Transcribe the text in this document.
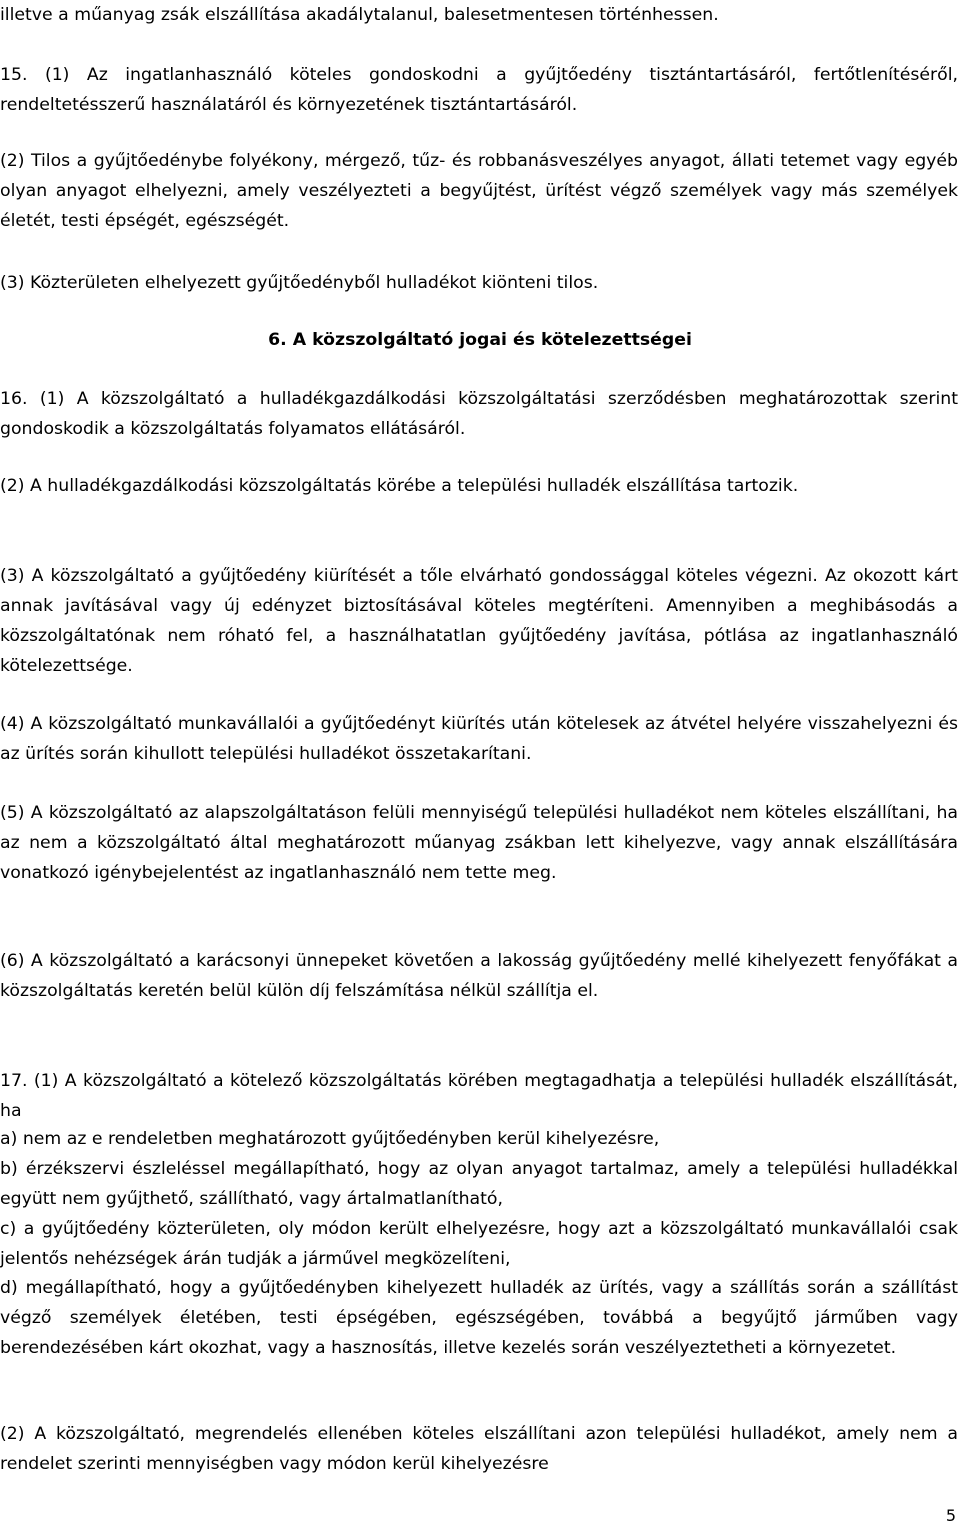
illetve a műanyag zsák elszállítása akadálytalanul, balesetmentesen történhessen.

15. (1) Az ingatlanhasználó köteles gondoskodni a gyűjtőedény tisztántartásáról, fertőtlenítéséről, rendeltetésszerű használatáról és környezetének tisztántartásáról.

(2) Tilos a gyűjtőedénybe folyékony, mérgező, tűz- és robbanásveszélyes anyagot, állati tetemet vagy egyéb olyan anyagot elhelyezni, amely veszélyezteti a begyűjtést, ürítést végző személyek vagy más személyek életét, testi épségét, egészségét.

(3) Közterületen elhelyezett gyűjtőedényből hulladékot kiönteni tilos.

6. A közszolgáltató jogai és kötelezettségei

16. (1) A közszolgáltató a hulladékgazdálkodási közszolgáltatási szerződésben meghatározottak szerint gondoskodik a közszolgáltatás folyamatos ellátásáról.

(2) A hulladékgazdálkodási közszolgáltatás körébe a települési hulladék elszállítása tartozik.

(3) A közszolgáltató a gyűjtőedény kiürítését a tőle elvárható gondossággal köteles végezni. Az okozott kárt annak javításával vagy új edényzet biztosításával köteles megtéríteni. Amennyiben a meghibásodás a közszolgáltatónak nem róható fel, a használhatatlan gyűjtőedény javítása, pótlása az ingatlanhasználó kötelezettsége.

(4) A közszolgáltató munkavállalói a gyűjtőedényt kiürítés után kötelesek az átvétel helyére visszahelyezni és az ürítés során kihullott települési hulladékot összetakarítani.

(5) A közszolgáltató az alapszolgáltatáson felüli mennyiségű települési hulladékot nem köteles elszállítani, ha az nem a közszolgáltató által meghatározott műanyag zsákban lett kihelyezve, vagy annak elszállítására vonatkozó igénybejelentést az ingatlanhasználó nem tette meg.

(6) A közszolgáltató a karácsonyi ünnepeket követően a lakosság gyűjtőedény mellé kihelyezett fenyőfákat a közszolgáltatás keretén belül külön díj felszámítása nélkül szállítja el.

17. (1) A közszolgáltató a kötelező közszolgáltatás körében megtagadhatja a települési hulladék elszállítását, ha

a) nem az e rendeletben meghatározott gyűjtőedényben kerül kihelyezésre,

b) érzékszervi észleléssel megállapítható, hogy az olyan anyagot tartalmaz, amely a települési hulladékkal együtt nem gyűjthető, szállítható, vagy ártalmatlanítható,

c) a gyűjtőedény közterületen, oly módon került elhelyezésre, hogy azt a közszolgáltató munkavállalói csak jelentős nehézségek árán tudják a járművel megközelíteni,

d) megállapítható, hogy a gyűjtőedényben kihelyezett hulladék az ürítés, vagy a szállítás során a szállítást végző személyek életében, testi épségében, egészségében, továbbá a begyűjtő járműben vagy berendezésében kárt okozhat, vagy a hasznosítás, illetve kezelés során veszélyeztetheti a környezetet.

(2) A közszolgáltató, megrendelés ellenében köteles elszállítani azon települési hulladékot, amely nem a rendelet szerinti mennyiségben vagy módon kerül kihelyezésre

5
